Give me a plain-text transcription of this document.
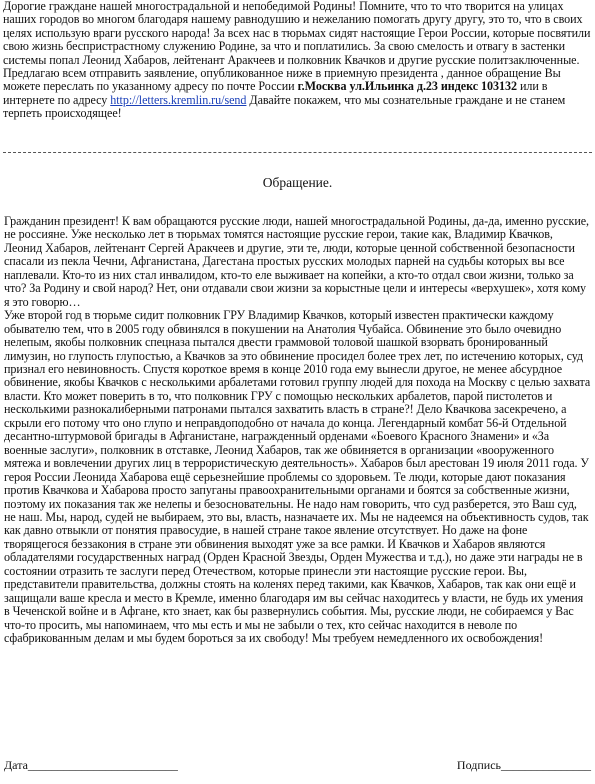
Дорогие граждане нашей многострадальной и непобедимой Родины! Помните, что то что творится на улицах наших городов во многом благодаря нашему равнодушию и нежеланию помогать другу другу, это то, что в своих целях использую враги русского народа! За всех нас в тюрьмах сидят настоящие Герои России, которые посвятили свою жизнь беспристрастному служению Родине, за что и поплатились. За свою смелость и отвагу в застенки системы попал Леонид Хабаров, лейтенант Аракчеев и полковник Квачков и другие русские политзаключенные. Предлагаю всем отправить заявление, опубликованное ниже в приемную президента , данное обращение Вы можете переслать по указанному адресу по почте России г.Москва ул.Ильинка д.23 индекс 103132 или в интернете по адресу http://letters.kremlin.ru/send Давайте покажем, что мы сознательные граждане и не станем терпеть происходящее!

Обращение.

Гражданин президент! К вам обращаются русские люди, нашей многострадальной Родины, да-да, именно русские, не россияне. Уже несколько лет в тюрьмах томятся настоящие русские герои, такие как, Владимир Квачков, Леонид Хабаров, лейтенант Сергей Аракчеев и другие, эти те, люди, которые ценной собственной безопасности спасали из пекла Чечни, Афганистана, Дагестана простых русских молодых парней на судьбы которых вы все наплевали. Кто-то из них стал инвалидом, кто-то еле выживает на копейки, а кто-то отдал свои жизни, только за что? За Родину и свой народ? Нет, они отдавали свои жизни за корыстные цели и интересы «верхушек», хотя кому я это говорю…

Уже второй год в тюрьме сидит полковник ГРУ Владимир Квачков, который известен практически каждому обывателю тем, что в 2005 году обвинялся в покушении на Анатолия Чубайса. Обвинение это было очевидно нелепым, якобы полковник спецназа пытался двести граммовой толовой шашкой взорвать бронированный лимузин, но глупость глупостью, а Квачков за это обвинение просидел более трех лет, по истечению которых, суд признал его невиновность. Спустя короткое время в конце 2010 года ему вынесли другое, не менее абсурдное обвинение, якобы Квачков с несколькими арбалетами готовил группу людей для похода на Москву с целью захвата власти. Кто может поверить в то, что полковник ГРУ с помощью нескольких арбалетов, парой пистолетов и несколькими разнокалиберными патронами пытался захватить власть в стране?! Дело Квачкова засекречено, а скрыли его потому что оно глупо и неправдоподобно от начала до конца. Легендарный комбат 56-й Отдельной десантно-штурмовой бригады в Афганистане, награжденный орденами «Боевого Красного Знамени» и «За военные заслуги», полковник в отставке, Леонид Хабаров, так же обвиняется в организации «вооруженного мятежа и вовлечении других лиц в террористическую деятельность». Хабаров был арестован 19 июля 2011 года. У героя России Леонида Хабарова ещё серьезнейшие проблемы со здоровьем. Те люди, которые дают показания против Квачкова и Хабарова просто запуганы правоохранительными органами и боятся за собственные жизни, поэтому их показания так же нелепы и безосновательны. Не надо нам говорить, что суд разберется, это Ваш суд, не наш. Мы, народ, судей не выбираем, это вы, власть, назначаете их. Мы не надеемся на объективность судов, так как давно отвыкли от понятия правосудие, в нашей стране такое явление отсутствует. Но даже на фоне творящегося беззакония в стране эти обвинения выходят уже за все рамки. И Квачков и Хабаров являются обладателями государственных наград (Орден Красной Звезды, Орден Мужества и т.д.), но даже эти награды не в состоянии отразить те заслуги перед Отечеством, которые принесли эти настоящие русские герои. Вы, представители правительства, должны стоять на коленях перед такими, как Квачков, Хабаров, так как они ещё и защищали ваше кресла и место в Кремле, именно благодаря им вы сейчас находитесь у власти, не будь их умения в Чеченской войне и в Афгане, кто знает, как бы развернулись события. Мы, русские люди, не собираемся у Вас что-то просить, мы напоминаем, что мы есть и мы не забыли о тех, кто сейчас находится в неволе по сфабрикованным делам и мы будем бороться за их свободу! Мы требуем немедленного их освобождения!

Дата_________________________	Подпись_______________
